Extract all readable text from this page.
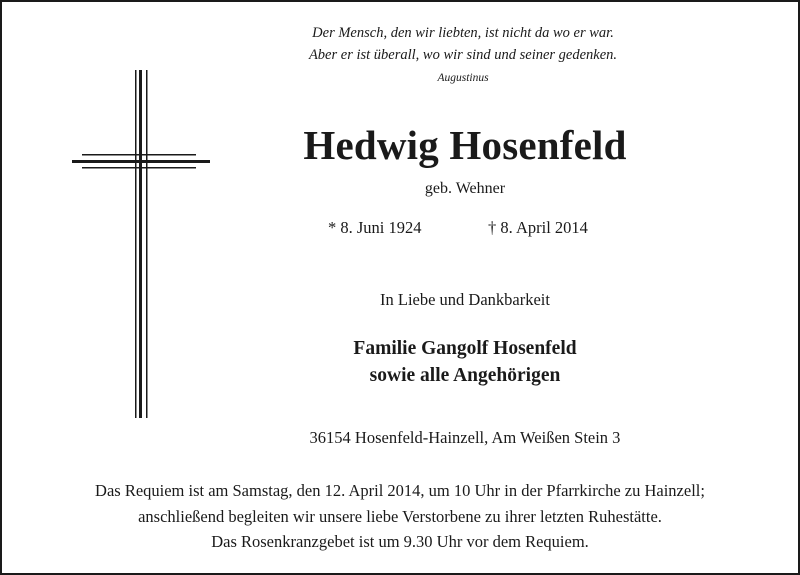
Der Mensch, den wir liebten, ist nicht da wo er war.
Aber er ist überall, wo wir sind und seiner gedenken.
Augustinus
Hedwig Hosenfeld
geb. Wehner
* 8. Juni 1924	† 8. April 2014
In Liebe und Dankbarkeit
Familie Gangolf Hosenfeld
sowie alle Angehörigen
36154 Hosenfeld-Hainzell, Am Weißen Stein 3
Das Requiem ist am Samstag, den 12. April 2014, um 10 Uhr in der Pfarrkirche zu Hainzell;
anschließend begleiten wir unsere liebe Verstorbene zu ihrer letzten Ruhestätte.
Das Rosenkranzgebet ist um 9.30 Uhr vor dem Requiem.
